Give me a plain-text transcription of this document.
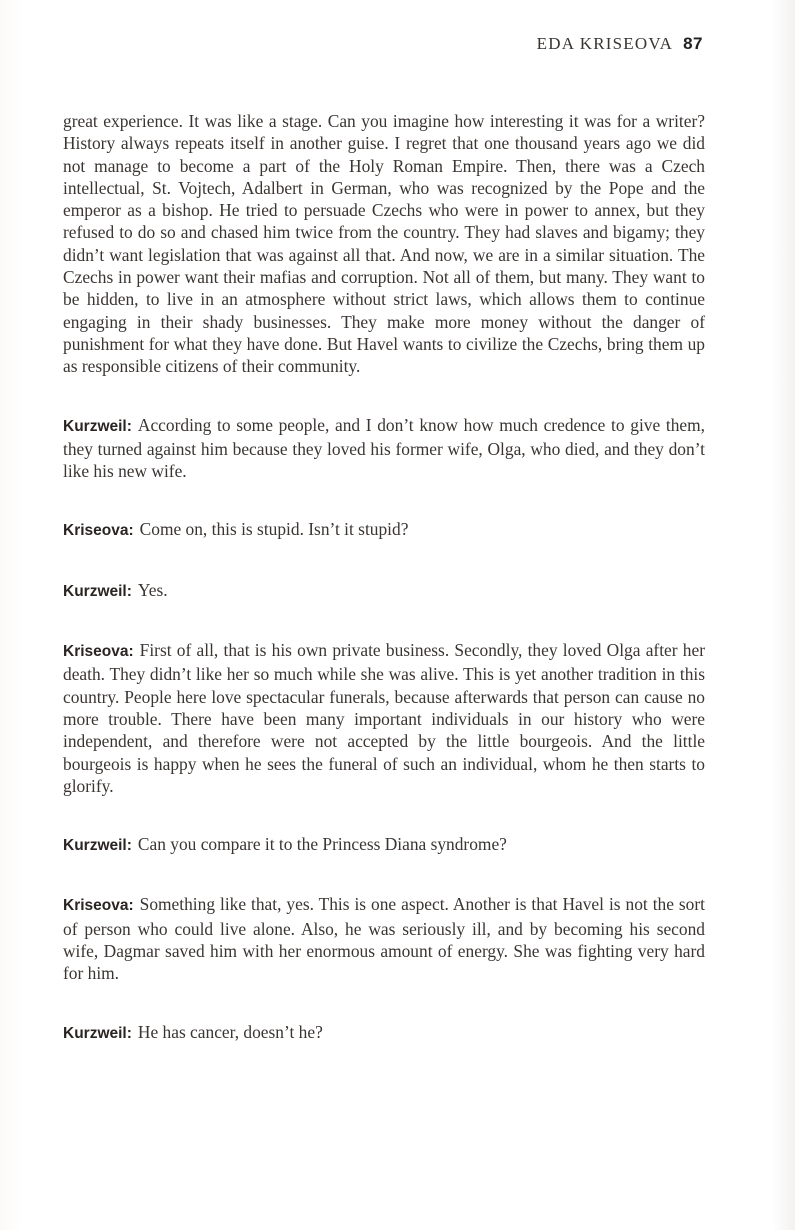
EDA KRISEOVA 87

great experience. It was like a stage. Can you imagine how interesting it was for a writer? History always repeats itself in another guise. I regret that one thousand years ago we did not manage to become a part of the Holy Roman Empire. Then, there was a Czech intellectual, St. Vojtech, Adalbert in German, who was recognized by the Pope and the emperor as a bishop. He tried to persuade Czechs who were in power to annex, but they refused to do so and chased him twice from the country. They had slaves and bigamy; they didn’t want legislation that was against all that. And now, we are in a similar situation. The Czechs in power want their mafias and corruption. Not all of them, but many. They want to be hidden, to live in an atmosphere without strict laws, which allows them to continue engaging in their shady businesses. They make more money without the danger of punishment for what they have done. But Havel wants to civilize the Czechs, bring them up as responsible citizens of their community.

Kurzweil: According to some people, and I don’t know how much credence to give them, they turned against him because they loved his former wife, Olga, who died, and they don’t like his new wife.

Kriseova: Come on, this is stupid. Isn’t it stupid?

Kurzweil: Yes.

Kriseova: First of all, that is his own private business. Secondly, they loved Olga after her death. They didn’t like her so much while she was alive. This is yet another tradition in this country. People here love spectacular funerals, because afterwards that person can cause no more trouble. There have been many important individuals in our history who were independent, and therefore were not accepted by the little bourgeois. And the little bourgeois is happy when he sees the funeral of such an individual, whom he then starts to glorify.

Kurzweil: Can you compare it to the Princess Diana syndrome?

Kriseova: Something like that, yes. This is one aspect. Another is that Havel is not the sort of person who could live alone. Also, he was seriously ill, and by becoming his second wife, Dagmar saved him with her enormous amount of energy. She was fighting very hard for him.

Kurzweil: He has cancer, doesn’t he?
